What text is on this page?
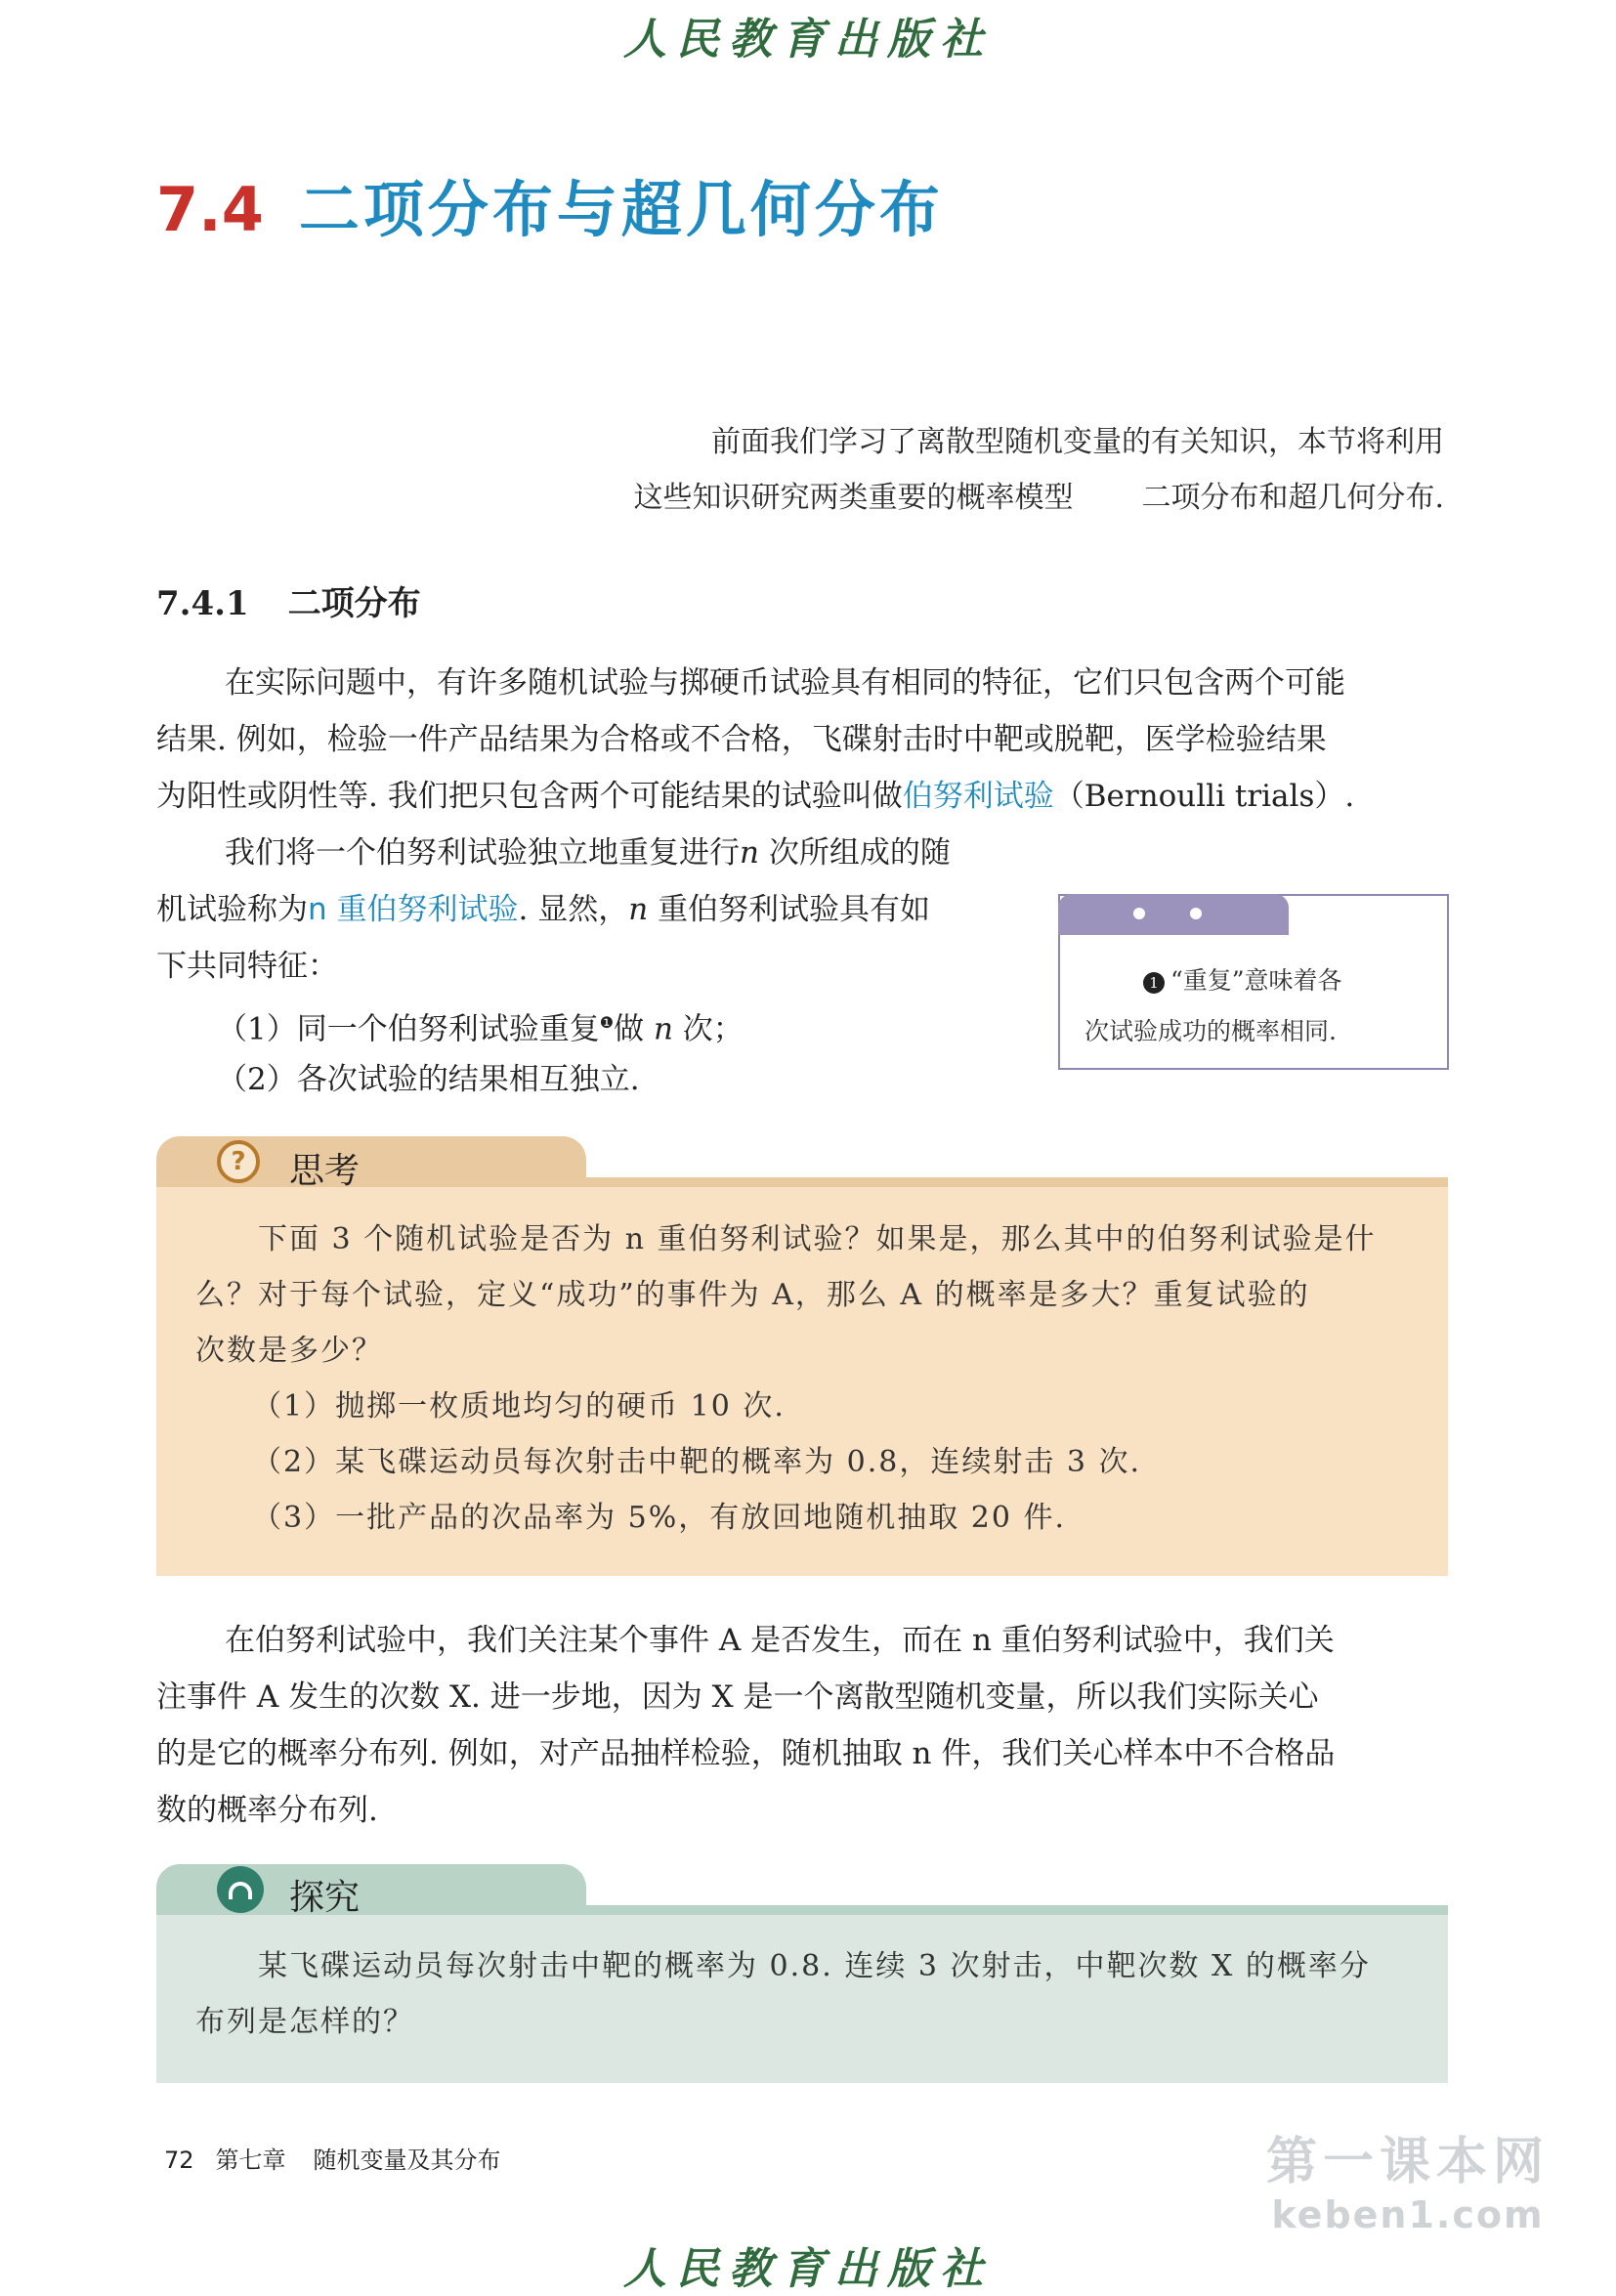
人民教育出版社
7.4 二项分布与超几何分布
前面我们学习了离散型随机变量的有关知识，本节将利用
这些知识研究两类重要的概率模型 二项分布和超几何分布.
7.4.1 二项分布
在实际问题中，有许多随机试验与掷硬币试验具有相同的特征，它们只包含两个可能
结果. 例如，检验一件产品结果为合格或不合格，飞碟射击时中靶或脱靶，医学检验结果
为阳性或阴性等. 我们把只包含两个可能结果的试验叫做伯努利试验（Bernoulli trials）.
我们将一个伯努利试验独立地重复进行n 次所组成的随
机试验称为n 重伯努利试验. 显然，n 重伯努利试验具有如
下共同特征：
（1）同一个伯努利试验重复$^❶$做 n 次；
（2）各次试验的结果相互独立.
1 “重复”意味着各
次试验成功的概率相同.
?	思考
下面 3 个随机试验是否为 n 重伯努利试验？如果是，那么其中的伯努利试验是什
么？对于每个试验，定义“成功”的事件为 A，那么 A 的概率是多大？重复试验的
次数是多少？
（1）抛掷一枚质地均匀的硬币 10 次.
（2）某飞碟运动员每次射击中靶的概率为 0.8，连续射击 3 次.
（3）一批产品的次品率为 5%，有放回地随机抽取 20 件.
在伯努利试验中，我们关注某个事件 A 是否发生，而在 n 重伯努利试验中，我们关
注事件 A 发生的次数 X. 进一步地，因为 X 是一个离散型随机变量，所以我们实际关心
的是它的概率分布列. 例如，对产品抽样检验，随机抽取 n 件，我们关心样本中不合格品
数的概率分布列.
探究
某飞碟运动员每次射击中靶的概率为 0.8. 连续 3 次射击，中靶次数 X 的概率分
布列是怎样的？
72 第七章 随机变量及其分布	第一课本网
keben1.com
人民教育出版社
